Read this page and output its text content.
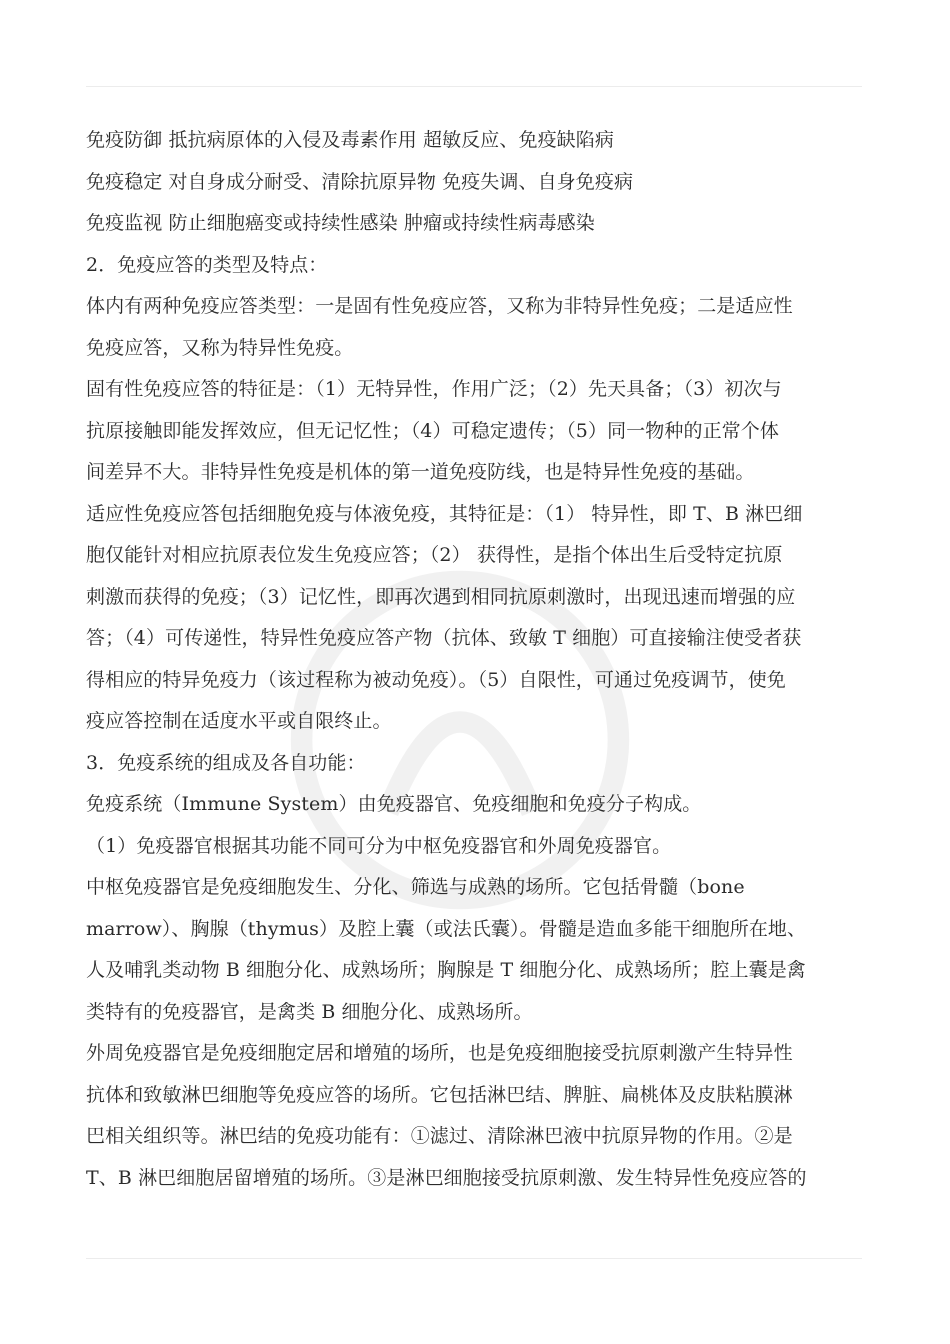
免疫防御 抵抗病原体的入侵及毒素作用 超敏反应、免疫缺陷病
免疫稳定 对自身成分耐受、清除抗原异物 免疫失调、自身免疫病
免疫监视 防止细胞癌变或持续性感染 肿瘤或持续性病毒感染
2．免疫应答的类型及特点：
体内有两种免疫应答类型：一是固有性免疫应答，又称为非特异性免疫；二是适应性
免疫应答，又称为特异性免疫。
固有性免疫应答的特征是：（1）无特异性，作用广泛；（2）先天具备；（3）初次与
抗原接触即能发挥效应，但无记忆性；（4）可稳定遗传；（5）同一物种的正常个体
间差异不大。非特异性免疫是机体的第一道免疫防线，也是特异性免疫的基础。
适应性免疫应答包括细胞免疫与体液免疫，其特征是：（1） 特异性，即 T、B 淋巴细
胞仅能针对相应抗原表位发生免疫应答；（2） 获得性，是指个体出生后受特定抗原
刺激而获得的免疫；（3）记忆性，即再次遇到相同抗原刺激时，出现迅速而增强的应
答；（4）可传递性，特异性免疫应答产物（抗体、致敏 T 细胞）可直接输注使受者获
得相应的特异免疫力（该过程称为被动免疫）。（5）自限性，可通过免疫调节，使免
疫应答控制在适度水平或自限终止。
3．免疫系统的组成及各自功能：
免疫系统（Immune System）由免疫器官、免疫细胞和免疫分子构成。
（1）免疫器官根据其功能不同可分为中枢免疫器官和外周免疫器官。
中枢免疫器官是免疫细胞发生、分化、筛选与成熟的场所。它包括骨髓（bone
marrow）、胸腺（thymus）及腔上囊（或法氏囊）。骨髓是造血多能干细胞所在地、
人及哺乳类动物 B 细胞分化、成熟场所；胸腺是 T 细胞分化、成熟场所；腔上囊是禽
类特有的免疫器官，是禽类 B 细胞分化、成熟场所。
外周免疫器官是免疫细胞定居和增殖的场所，也是免疫细胞接受抗原刺激产生特异性
抗体和致敏淋巴细胞等免疫应答的场所。它包括淋巴结、脾脏、扁桃体及皮肤粘膜淋
巴相关组织等。淋巴结的免疫功能有：①滤过、清除淋巴液中抗原异物的作用。②是
T、B 淋巴细胞居留增殖的场所。③是淋巴细胞接受抗原刺激、发生特异性免疫应答的
